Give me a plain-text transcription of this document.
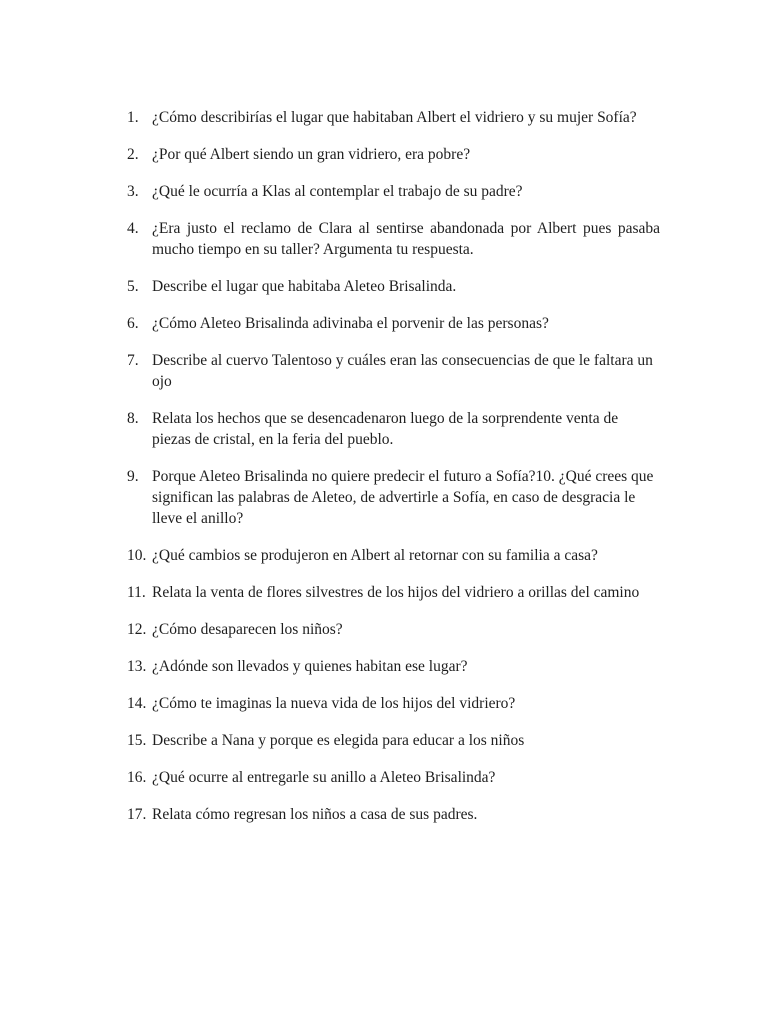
1. ¿Cómo describirías el lugar que habitaban Albert el vidriero y su mujer Sofía?
2. ¿Por qué Albert siendo un gran vidriero, era pobre?
3. ¿Qué le ocurría a Klas al contemplar el trabajo de su padre?
4. ¿Era justo el reclamo de Clara al sentirse abandonada por Albert pues pasaba mucho tiempo en su taller? Argumenta tu respuesta.
5. Describe el lugar que habitaba Aleteo Brisalinda.
6. ¿Cómo Aleteo Brisalinda adivinaba el porvenir de las personas?
7. Describe al cuervo Talentoso y cuáles eran las consecuencias de que le faltara un ojo
8. Relata los hechos que se desencadenaron luego de la sorprendente venta de piezas de cristal, en la feria del pueblo.
9. Porque Aleteo Brisalinda no quiere predecir el futuro a Sofía?10. ¿Qué crees que significan las palabras de Aleteo, de advertirle a Sofía, en caso de desgracia le lleve el anillo?
10. ¿Qué cambios se produjeron en Albert al retornar con su familia a casa?
11. Relata la venta de flores silvestres de los hijos del vidriero a orillas del camino
12. ¿Cómo desaparecen los niños?
13. ¿Adónde son llevados y quienes habitan ese lugar?
14. ¿Cómo te imaginas la nueva vida de los hijos del vidriero?
15. Describe a Nana y porque es elegida para educar a los niños
16. ¿Qué ocurre al entregarle su anillo a Aleteo Brisalinda?
17. Relata cómo regresan los niños a casa de sus padres.
